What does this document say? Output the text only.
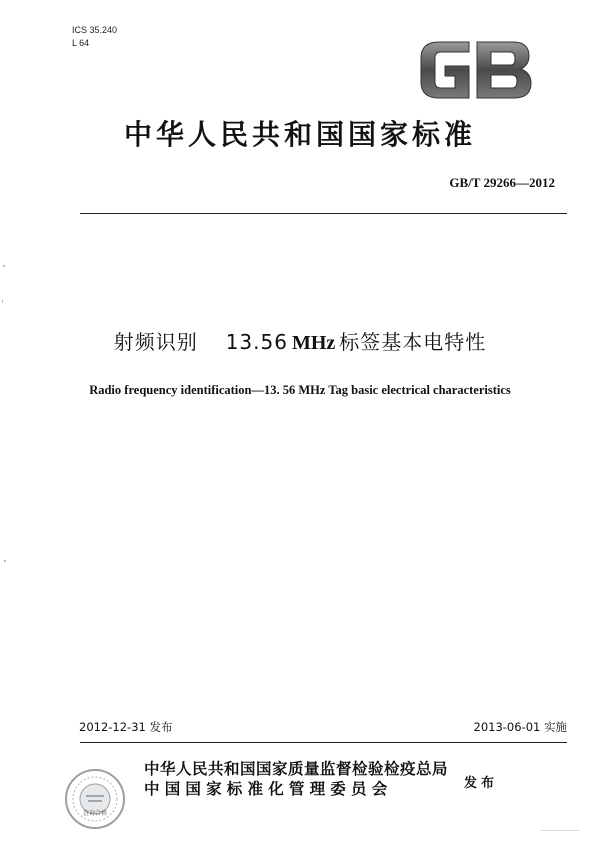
ICS 35.240
L 64
中华人民共和国国家标准
GB/T 29266—2012
射频识别 13.56 MHz 标签基本电特性
Radio frequency identification—13. 56 MHz Tag basic electrical characteristics
2012-12-31 发布	2013-06-01 实施
查询合格
中华人民共和国国家质量监督检验检疫总局
中国国家标准化管理委员会	发布
